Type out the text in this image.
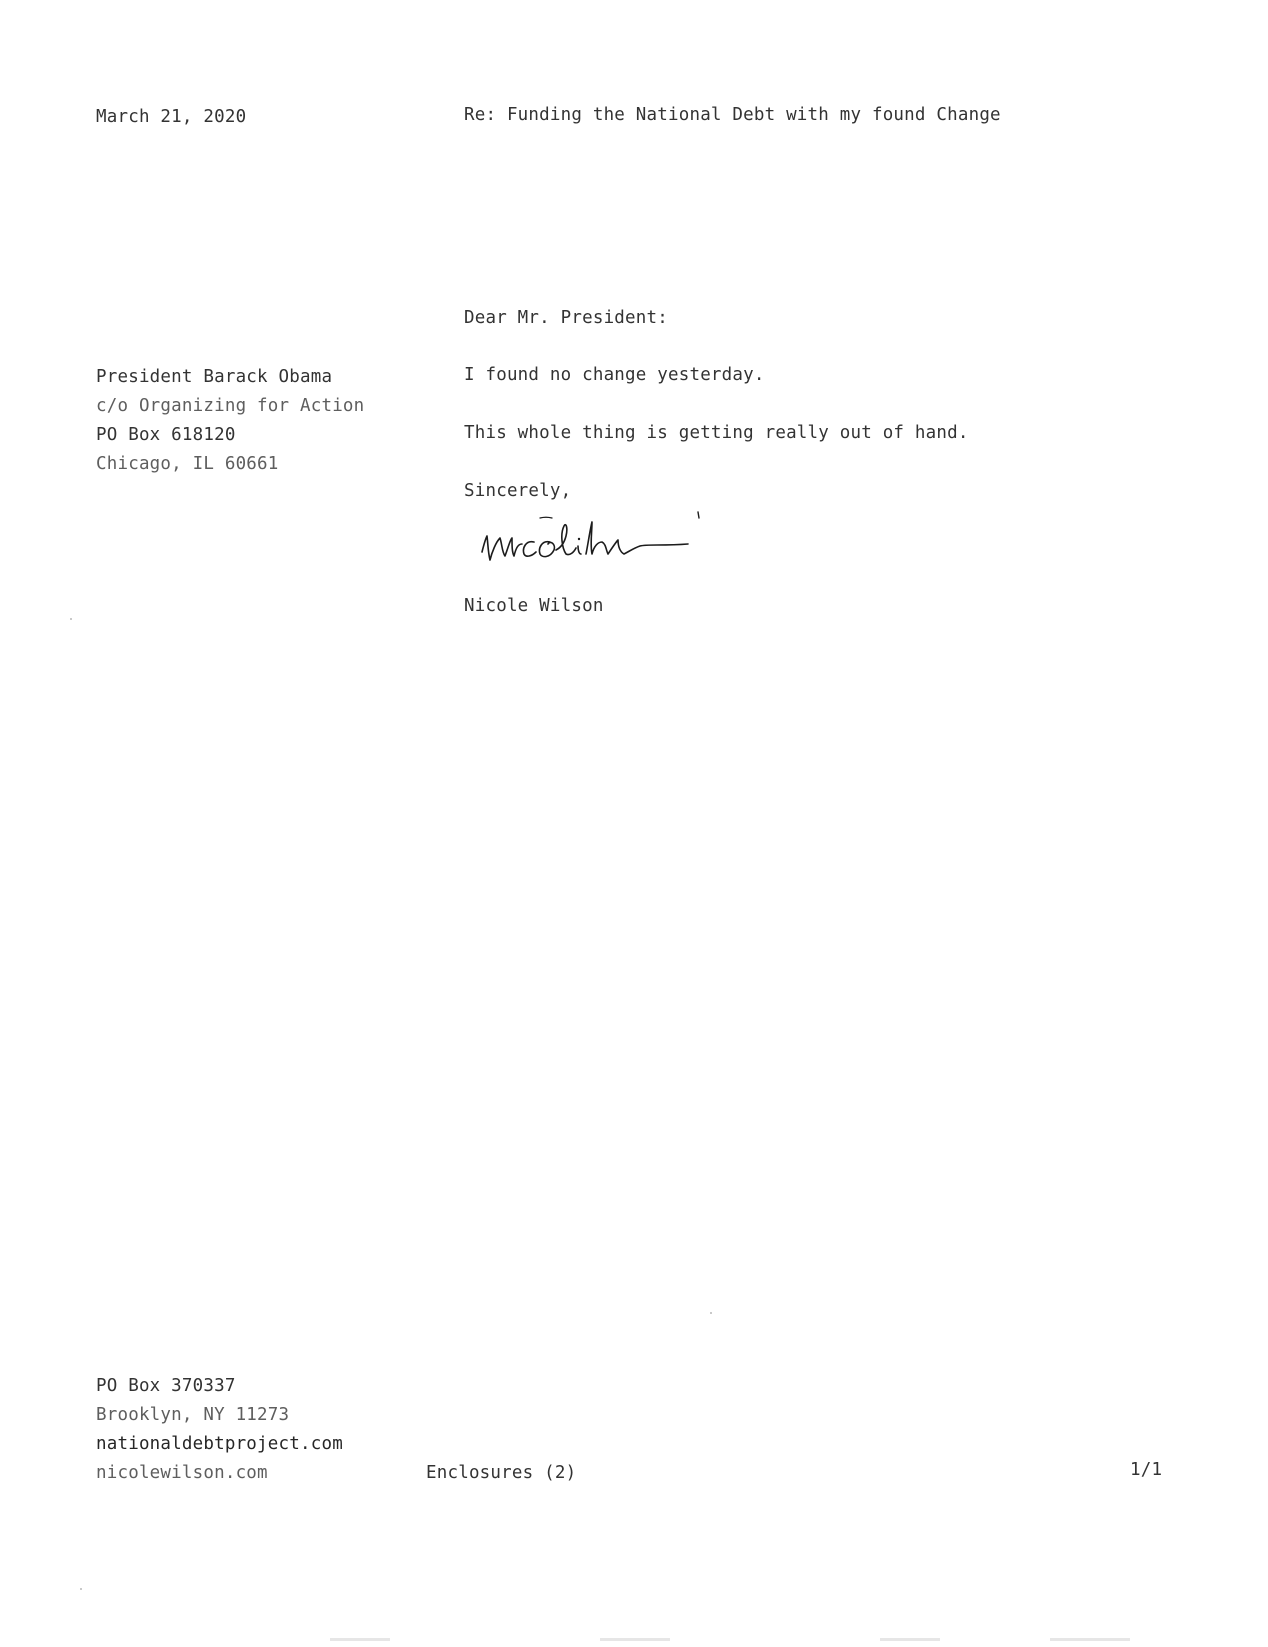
March 21, 2020	Re: Funding the National Debt with my found Change
Dear Mr. President:
President Barack Obama
c/o Organizing for Action
PO Box 618120
Chicago, IL 60661
I found no change yesterday.
This whole thing is getting really out of hand.
Sincerely,
Nicole Wilson
PO Box 370337
Brooklyn, NY 11273
nationaldebtproject.com
nicolewilson.com	Enclosures (2)	1/1
